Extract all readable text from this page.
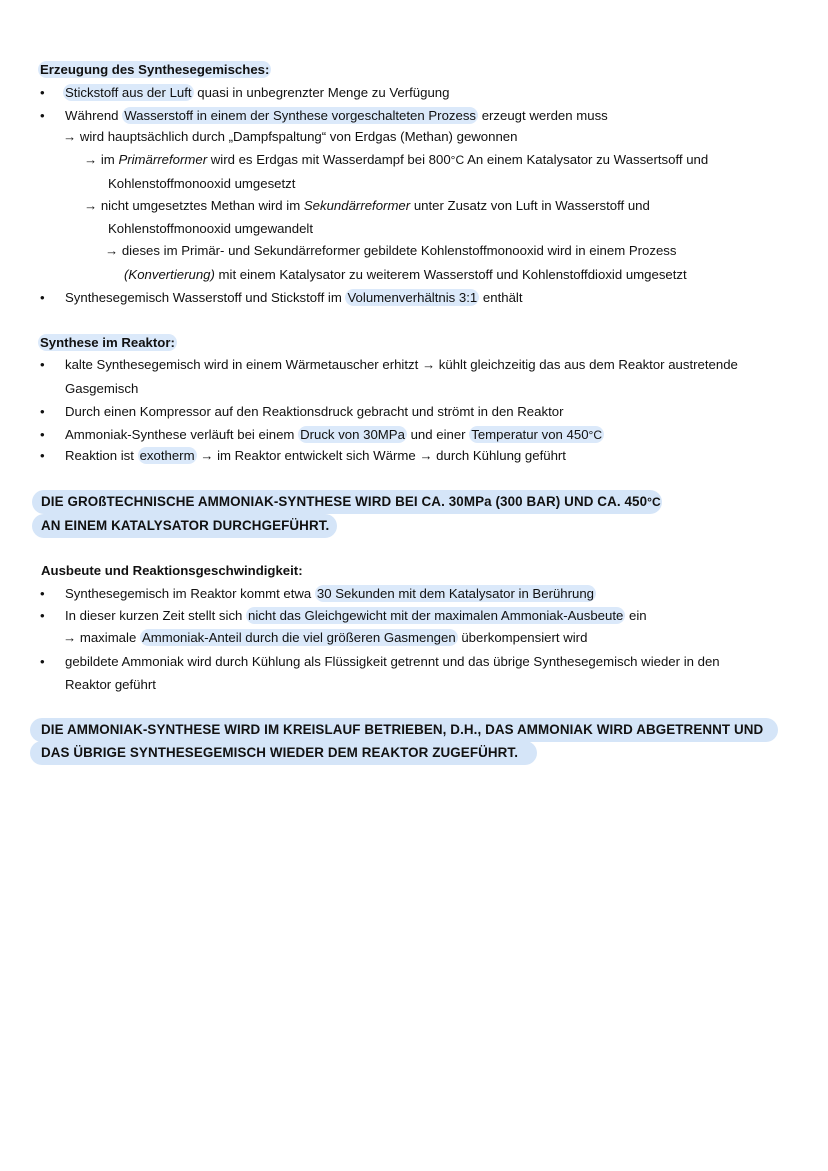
Erzeugung des Synthesegemisches:
•	Stickstoff aus der Luft quasi in unbegrenzter Menge zu Verfügung
•	Während Wasserstoff in einem der Synthese vorgeschalteten Prozess erzeugt werden muss
→ wird hauptsächlich durch „Dampfspaltung“ von Erdgas (Methan) gewonnen
→ im Primärreformer wird es Erdgas mit Wasserdampf bei 800°C An einem Katalysator zu Wassertsoff und
Kohlenstoffmonooxid umgesetzt
→ nicht umgesetztes Methan wird im Sekundärreformer unter Zusatz von Luft in Wasserstoff und
Kohlenstoffmonooxid umgewandelt
→ dieses im Primär- und Sekundärreformer gebildete Kohlenstoffmonooxid wird in einem Prozess
(Konvertierung) mit einem Katalysator zu weiterem Wasserstoff und Kohlenstoffdioxid umgesetzt
•	Synthesegemisch Wasserstoff und Stickstoff im Volumenverhältnis 3:1 enthält
Synthese im Reaktor:
•	kalte Synthesegemisch wird in einem Wärmetauscher erhitzt → kühlt gleichzeitig das aus dem Reaktor austretende
Gasgemisch
•	Durch einen Kompressor auf den Reaktionsdruck gebracht und strömt in den Reaktor
•	Ammoniak-Synthese verläuft bei einem Druck von 30MPa und einer Temperatur von 450°C
•	Reaktion ist exotherm → im Reaktor entwickelt sich Wärme → durch Kühlung geführt
DIE GROßTECHNISCHE AMMONIAK-SYNTHESE WIRD BEI CA. 30MPa (300 BAR) UND CA. 450°C
AN EINEM KATALYSATOR DURCHGEFÜHRT.
Ausbeute und Reaktionsgeschwindigkeit:
•	Synthesegemisch im Reaktor kommt etwa 30 Sekunden mit dem Katalysator in Berührung
•	In dieser kurzen Zeit stellt sich nicht das Gleichgewicht mit der maximalen Ammoniak-Ausbeute ein
→ maximale Ammoniak-Anteil durch die viel größeren Gasmengen überkompensiert wird
•	gebildete Ammoniak wird durch Kühlung als Flüssigkeit getrennt und das übrige Synthesegemisch wieder in den
Reaktor geführt
DIE AMMONIAK-SYNTHESE WIRD IM KREISLAUF BETRIEBEN, D.H., DAS AMMONIAK WIRD ABGETRENNT UND
DAS ÜBRIGE SYNTHESEGEMISCH WIEDER DEM REAKTOR ZUGEFÜHRT.
